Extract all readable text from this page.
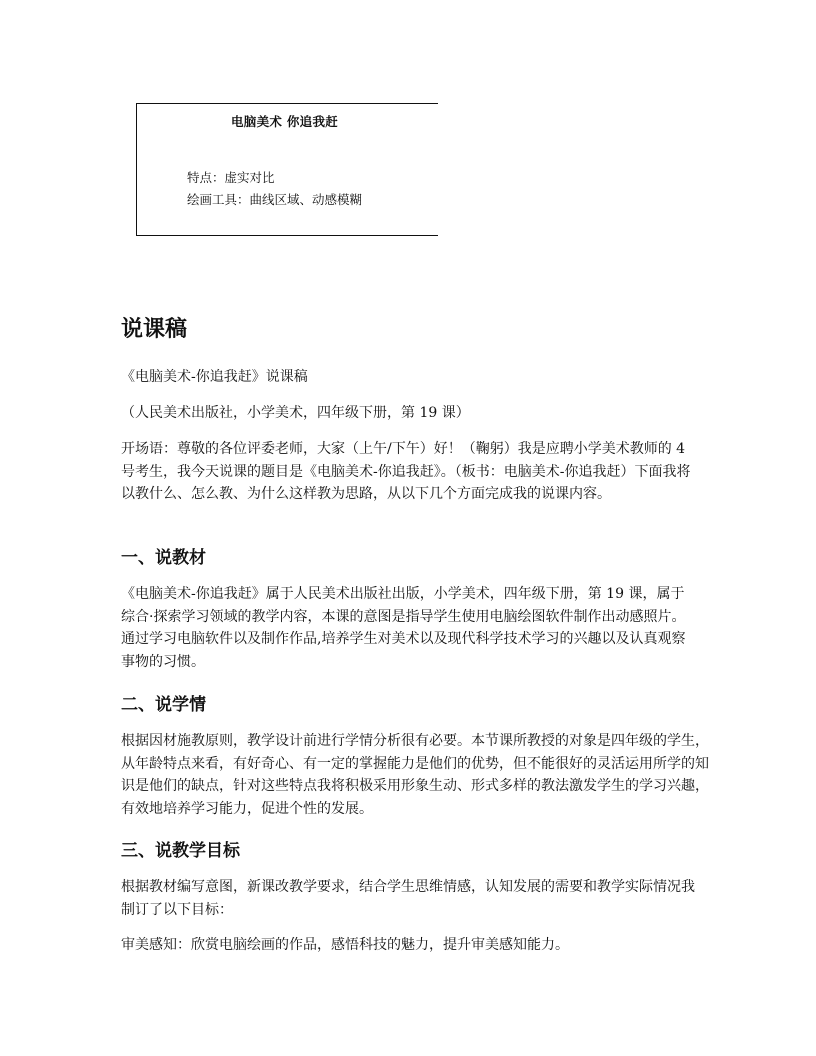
电脑美术 你追我赶
特点：虚实对比
绘画工具：曲线区域、动感模糊
说课稿

《电脑美术-你追我赶》说课稿

（人民美术出版社，小学美术，四年级下册，第 19 课）

开场语：尊敬的各位评委老师，大家（上午/下午）好！（鞠躬）我是应聘小学美术教师的 4 号考生，我今天说课的题目是《电脑美术-你追我赶》。（板书：电脑美术-你追我赶）下面我将以教什么、怎么教、为什么这样教为思路，从以下几个方面完成我的说课内容。

一、说教材

《电脑美术-你追我赶》属于人民美术出版社出版，小学美术，四年级下册，第 19 课，属于综合·探索学习领域的教学内容，本课的意图是指导学生使用电脑绘图软件制作出动感照片。通过学习电脑软件以及制作作品,培养学生对美术以及现代科学技术学习的兴趣以及认真观察事物的习惯。

二、说学情

根据因材施教原则，教学设计前进行学情分析很有必要。本节课所教授的对象是四年级的学生，从年龄特点来看，有好奇心、有一定的掌握能力是他们的优势，但不能很好的灵活运用所学的知识是他们的缺点，针对这些特点我将积极采用形象生动、形式多样的教法激发学生的学习兴趣，有效地培养学习能力，促进个性的发展。

三、说教学目标

根据教材编写意图，新课改教学要求，结合学生思维情感，认知发展的需要和教学实际情况我制订了以下目标：

审美感知：欣赏电脑绘画的作品，感悟科技的魅力，提升审美感知能力。
